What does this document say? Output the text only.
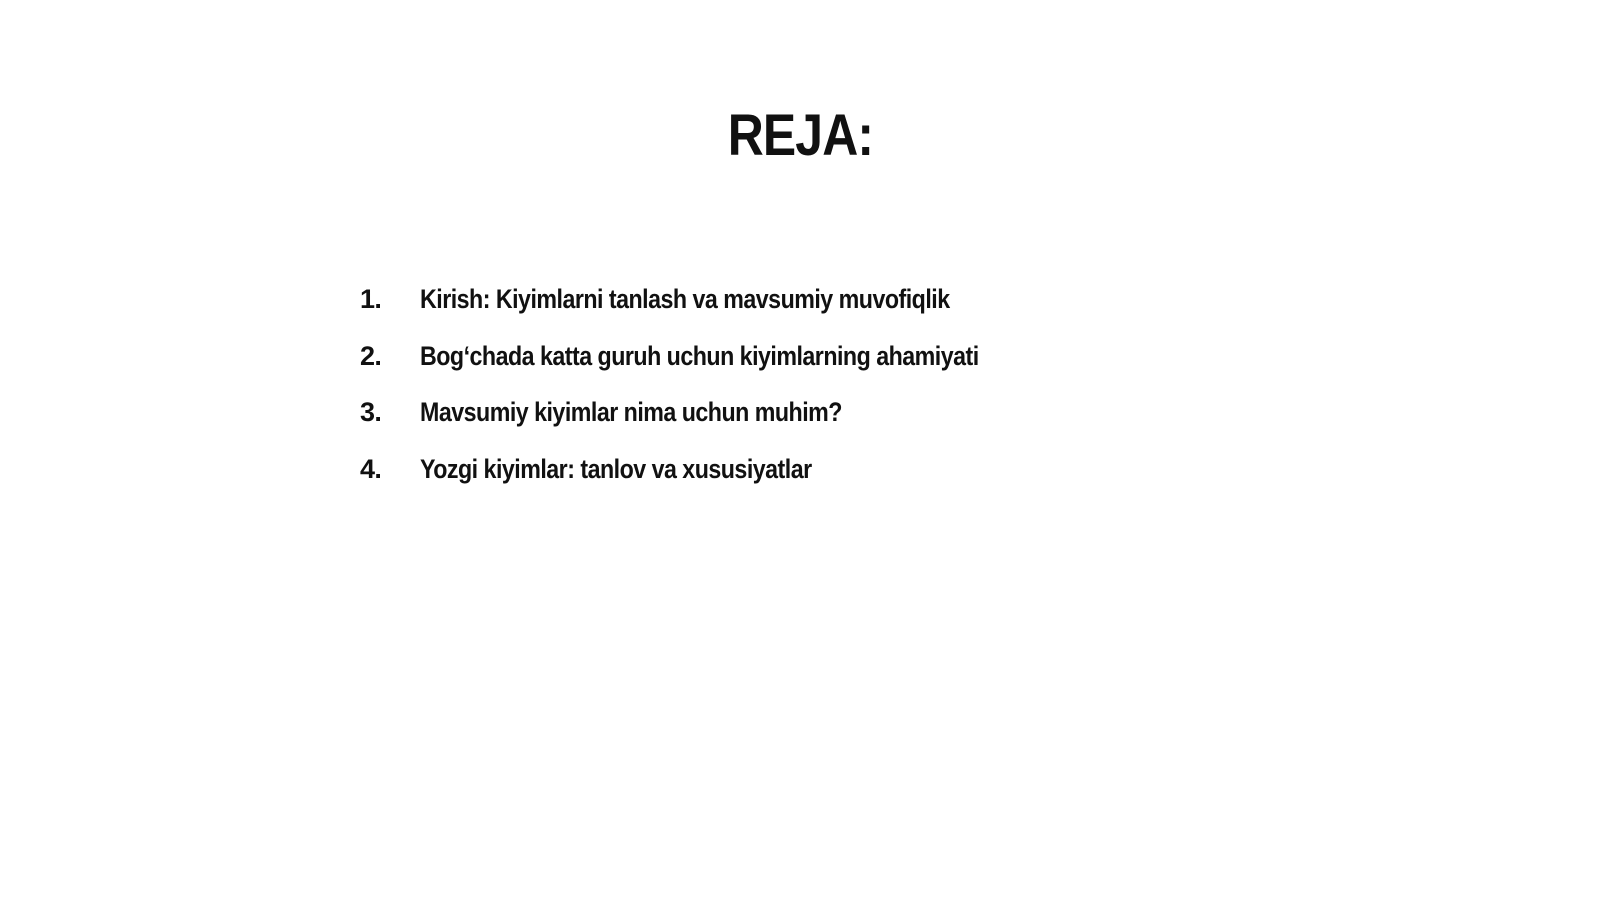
REJA:
1.	Kirish: Kiyimlarni tanlash va mavsumiy muvofiqlik
2.	Bog‘chada katta guruh uchun kiyimlarning ahamiyati
3.	Mavsumiy kiyimlar nima uchun muhim?
4.	Yozgi kiyimlar: tanlov va xususiyatlar
